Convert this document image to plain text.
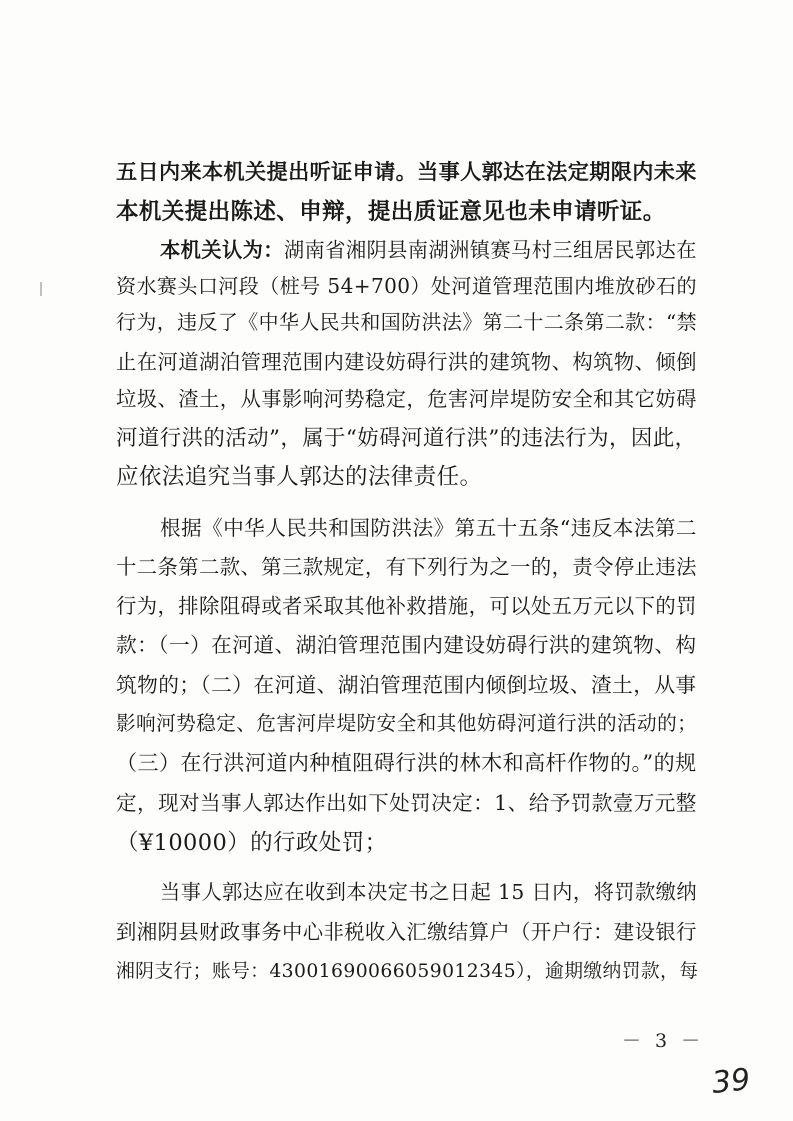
五日内来本机关提出听证申请。当事人郭达在法定期限内未来
本机关提出陈述、申辩，提出质证意见也未申请听证。
本机关认为：湖南省湘阴县南湖洲镇赛马村三组居民郭达在
资水赛头口河段（桩号 54+700）处河道管理范围内堆放砂石的
行为，违反了《中华人民共和国防洪法》第二十二条第二款：“禁
止在河道湖泊管理范围内建设妨碍行洪的建筑物、构筑物、倾倒
垃圾、渣土，从事影响河势稳定，危害河岸堤防安全和其它妨碍
河道行洪的活动”，属于“妨碍河道行洪”的违法行为，因此，
应依法追究当事人郭达的法律责任。
根据《中华人民共和国防洪法》第五十五条“违反本法第二
十二条第二款、第三款规定，有下列行为之一的，责令停止违法
行为，排除阻碍或者采取其他补救措施，可以处五万元以下的罚
款：（一）在河道、湖泊管理范围内建设妨碍行洪的建筑物、构
筑物的；（二）在河道、湖泊管理范围内倾倒垃圾、渣土，从事
影响河势稳定、危害河岸堤防安全和其他妨碍河道行洪的活动的；
（三）在行洪河道内种植阻碍行洪的林木和高杆作物的。”的规
定，现对当事人郭达作出如下处罚决定：1、给予罚款壹万元整
（¥10000）的行政处罚；
当事人郭达应在收到本决定书之日起 15 日内，将罚款缴纳
到湘阴县财政事务中心非税收入汇缴结算户（开户行：建设银行
湘阴支行；账号：43001690066059012345），逾期缴纳罚款，每
－ 3 －
39
